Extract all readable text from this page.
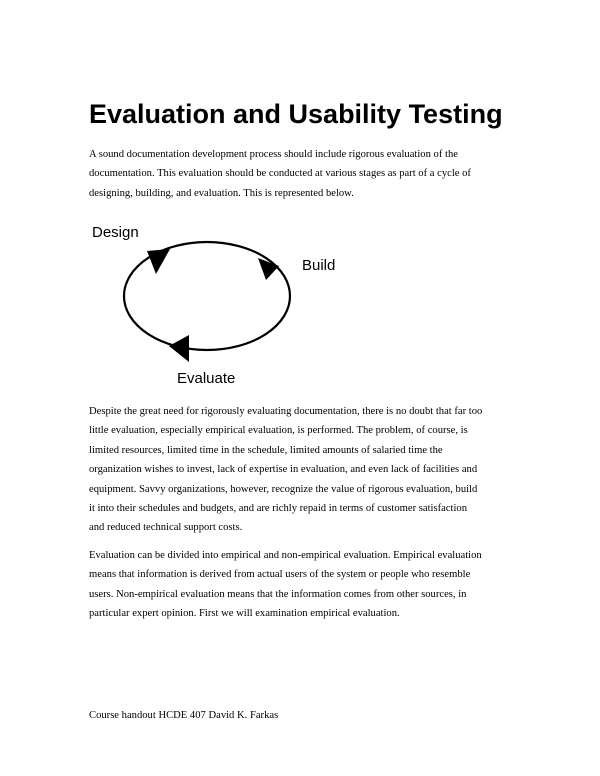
Evaluation and Usability Testing

A sound documentation development process should include rigorous evaluation of the documentation. This evaluation should be conducted at various stages as part of a cycle of designing, building, and evaluation. This is represented below.

Design
Build
Evaluate

Despite the great need for rigorously evaluating documentation, there is no doubt that far too little evaluation, especially empirical evaluation, is performed. The problem, of course, is limited resources, limited time in the schedule, limited amounts of salaried time the organization wishes to invest, lack of expertise in evaluation, and even lack of facilities and equipment. Savvy organizations, however, recognize the value of rigorous evaluation, build it into their schedules and budgets, and are richly repaid in terms of customer satisfaction and reduced technical support costs.

Evaluation can be divided into empirical and non-empirical evaluation. Empirical evaluation means that information is derived from actual users of the system or people who resemble users. Non-empirical evaluation means that the information comes from other sources, in particular expert opinion. First we will examination empirical evaluation.

Course handout HCDE 407 David K. Farkas
